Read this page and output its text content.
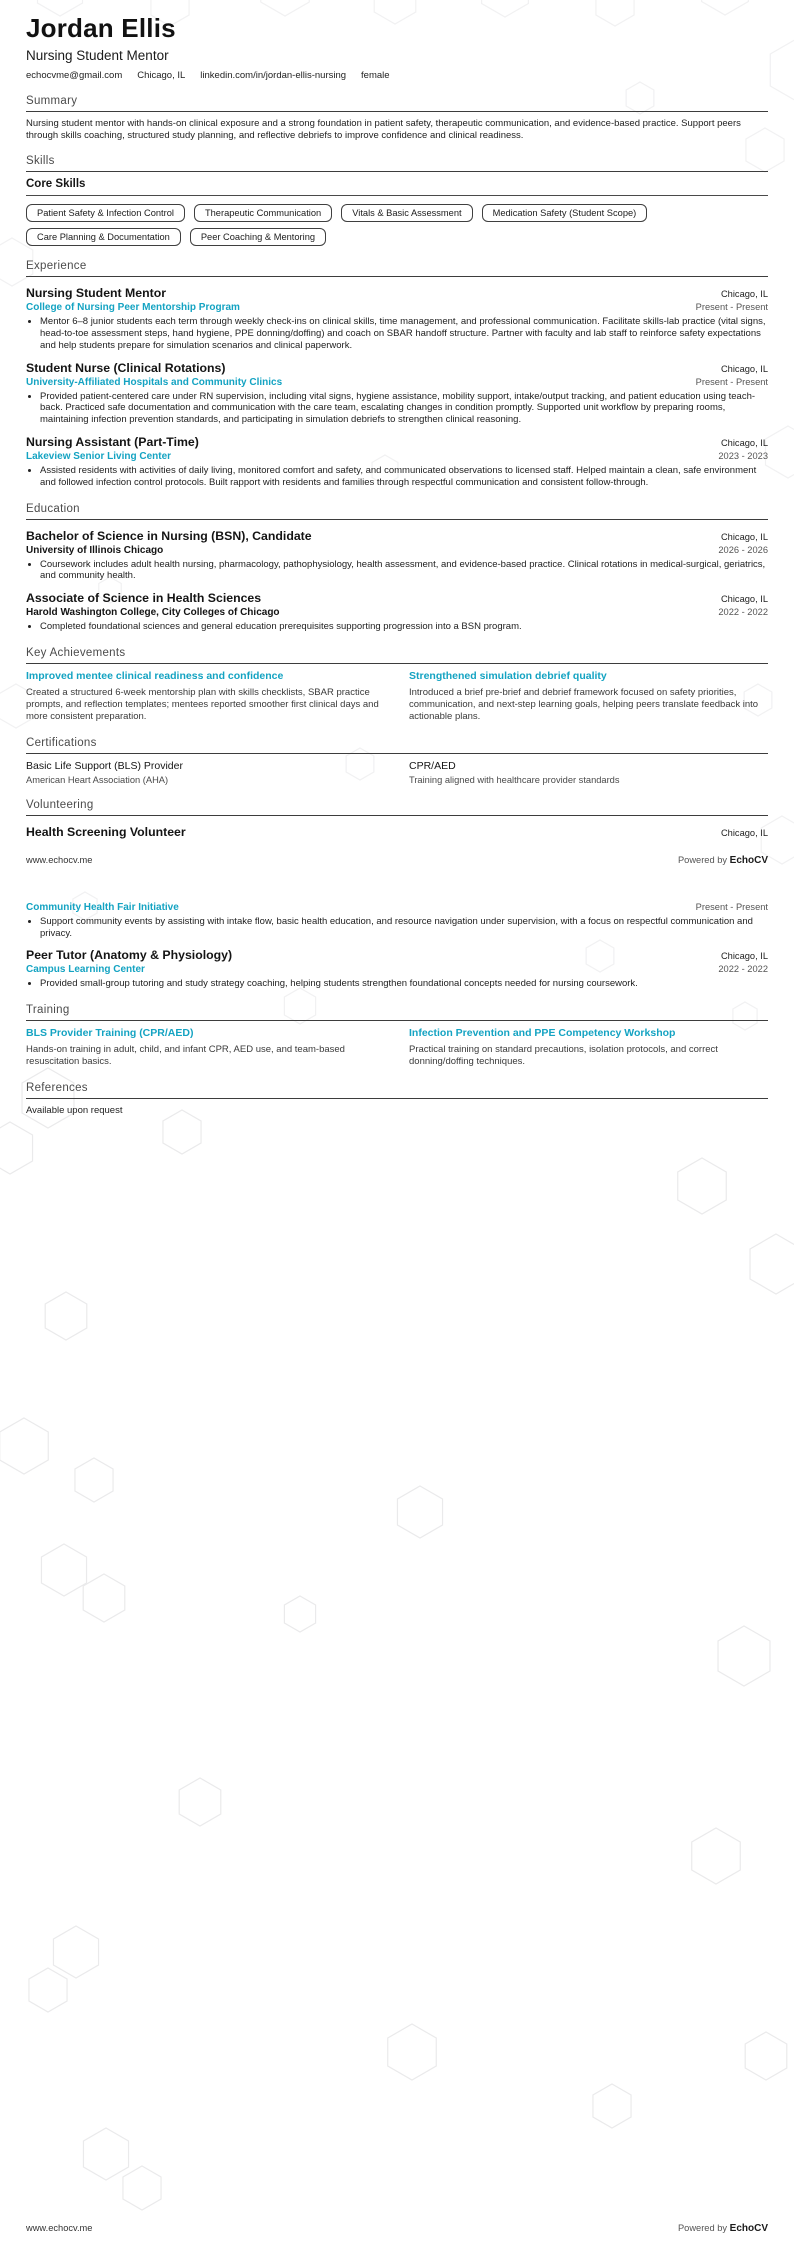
Jordan Ellis
Nursing Student Mentor
echocvme@gmail.com Chicago, IL linkedin.com/in/jordan-ellis-nursing female
Summary

Nursing student mentor with hands-on clinical exposure and a strong foundation in patient safety, therapeutic communication, and evidence-based practice. Support peers through skills coaching, structured study planning, and reflective debriefs to improve confidence and clinical readiness.

Skills
Core Skills
Patient Safety & Infection Control	Therapeutic Communication	Vitals & Basic Assessment	Medication Safety (Student Scope)
Care Planning & Documentation	Peer Coaching & Mentoring
Experience
Nursing Student Mentor	Chicago, IL
College of Nursing Peer Mentorship Program	Present - Present
• Mentor 6–8 junior students each term through weekly check-ins on clinical skills, time management, and professional communication. Facilitate skills-lab practice (vital signs, head-to-toe assessment steps, hand hygiene, PPE donning/doffing) and coach on SBAR handoff structure. Partner with faculty and lab staff to reinforce safety expectations and help students prepare for simulation scenarios and clinical paperwork.
Student Nurse (Clinical Rotations)	Chicago, IL
University-Affiliated Hospitals and Community Clinics	Present - Present
• Provided patient-centered care under RN supervision, including vital signs, hygiene assistance, mobility support, intake/output tracking, and patient education using teach-back. Practiced safe documentation and communication with the care team, escalating changes in condition promptly. Supported unit workflow by preparing rooms, maintaining infection prevention standards, and participating in simulation debriefs to strengthen clinical reasoning.
Nursing Assistant (Part-Time)	Chicago, IL
Lakeview Senior Living Center	2023 - 2023
• Assisted residents with activities of daily living, monitored comfort and safety, and communicated observations to licensed staff. Helped maintain a clean, safe environment and followed infection control protocols. Built rapport with residents and families through respectful communication and consistent follow-through.
Education
Bachelor of Science in Nursing (BSN), Candidate	Chicago, IL
University of Illinois Chicago	2026 - 2026
• Coursework includes adult health nursing, pharmacology, pathophysiology, health assessment, and evidence-based practice. Clinical rotations in medical-surgical, geriatrics, and community health.
Associate of Science in Health Sciences	Chicago, IL
Harold Washington College, City Colleges of Chicago	2022 - 2022
• Completed foundational sciences and general education prerequisites supporting progression into a BSN program.
Key Achievements
Improved mentee clinical readiness and confidence

Created a structured 6-week mentorship plan with skills checklists, SBAR practice prompts, and reflection templates; mentees reported smoother first clinical days and more consistent preparation.

Strengthened simulation debrief quality

Introduced a brief pre-brief and debrief framework focused on safety priorities, communication, and next-step learning goals, helping peers translate feedback into actionable plans.

Certifications

Basic Life Support (BLS) Provider

American Heart Association (AHA)

CPR/AED

Training aligned with healthcare provider standards

Volunteering
Health Screening Volunteer	Chicago, IL
www.echocv.me	Powered by EchoCV
Community Health Fair Initiative	Present - Present
• Support community events by assisting with intake flow, basic health education, and resource navigation under supervision, with a focus on respectful communication and privacy.
Peer Tutor (Anatomy & Physiology)	Chicago, IL
Campus Learning Center	2022 - 2022
• Provided small-group tutoring and study strategy coaching, helping students strengthen foundational concepts needed for nursing coursework.
Training
BLS Provider Training (CPR/AED)

Hands-on training in adult, child, and infant CPR, AED use, and team-based resuscitation basics.

Infection Prevention and PPE Competency Workshop

Practical training on standard precautions, isolation protocols, and correct donning/doffing techniques.

References

Available upon request

www.echocv.me	Powered by EchoCV
